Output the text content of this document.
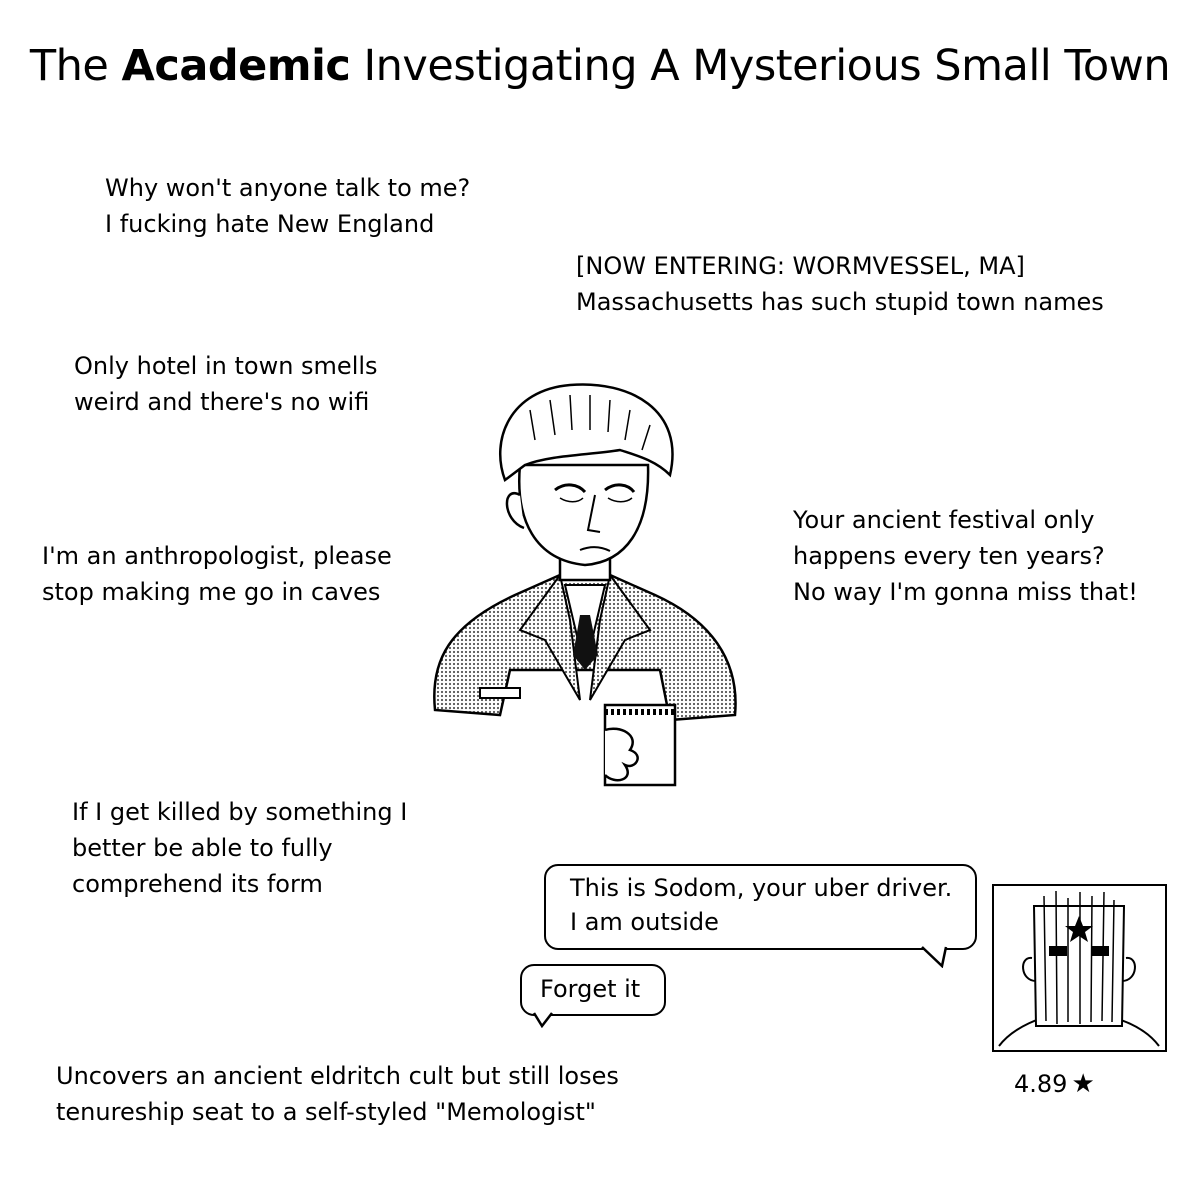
The Academic Investigating A Mysterious Small Town
Why won't anyone talk to me?
I fucking hate New England
[NOW ENTERING: WORMVESSEL, MA]
Massachusetts has such stupid town names
Only hotel in town smells
weird and there's no wifi
I'm an anthropologist, please
stop making me go in caves
Your ancient festival only
happens every ten years?
No way I'm gonna miss that!
If I get killed by something I
better be able to fully
comprehend its form
Uncovers an ancient eldritch cult but still loses
tenureship seat to a self-styled "Memologist"
This is Sodom, your uber driver.
I am outside
Forget it
4.89 ★
